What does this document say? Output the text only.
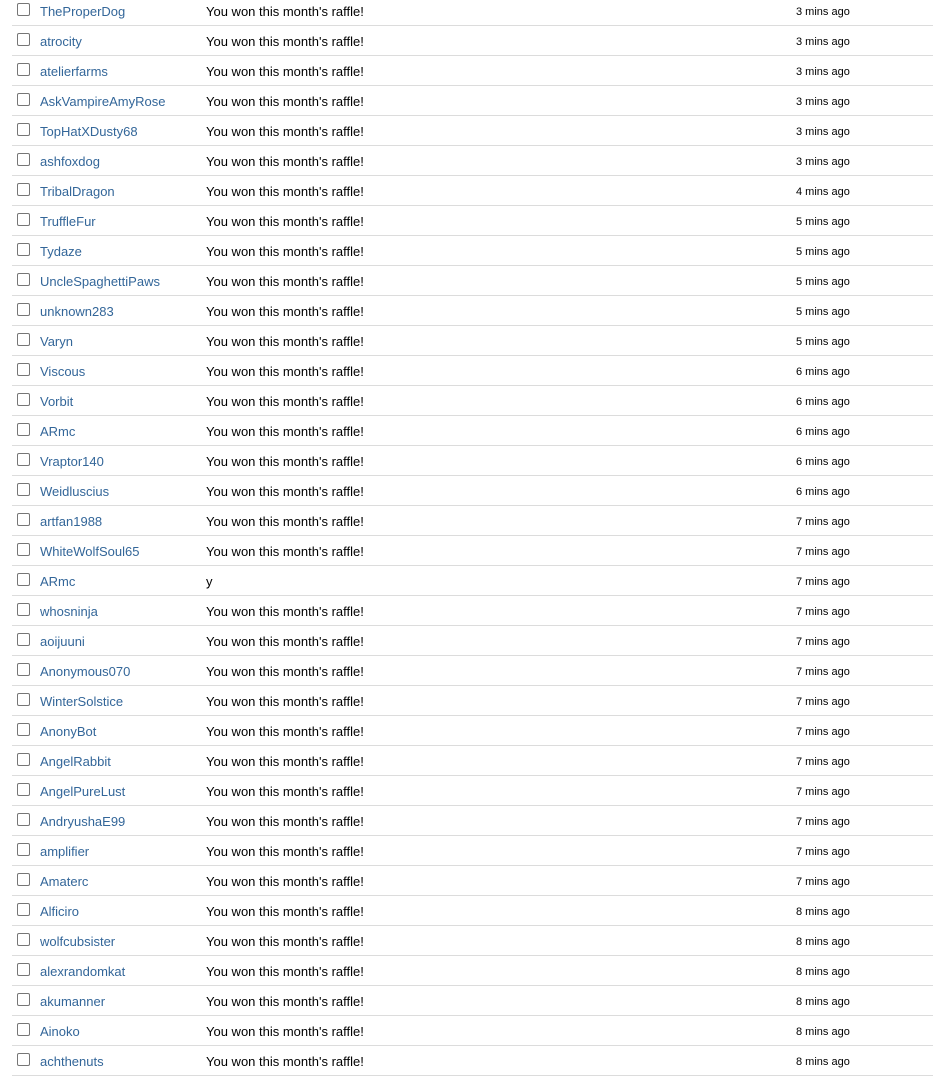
TheProperDog	You won this month's raffle!	3 mins ago
atrocity	You won this month's raffle!	3 mins ago
atelierfarms	You won this month's raffle!	3 mins ago
AskVampireAmyRose	You won this month's raffle!	3 mins ago
TopHatXDusty68	You won this month's raffle!	3 mins ago
ashfoxdog	You won this month's raffle!	3 mins ago
TribalDragon	You won this month's raffle!	4 mins ago
TruffleFur	You won this month's raffle!	5 mins ago
Tydaze	You won this month's raffle!	5 mins ago
UncleSpaghettiPaws	You won this month's raffle!	5 mins ago
unknown283	You won this month's raffle!	5 mins ago
Varyn	You won this month's raffle!	5 mins ago
Viscous	You won this month's raffle!	6 mins ago
Vorbit	You won this month's raffle!	6 mins ago
ARmc	You won this month's raffle!	6 mins ago
Vraptor140	You won this month's raffle!	6 mins ago
Weidluscius	You won this month's raffle!	6 mins ago
artfan1988	You won this month's raffle!	7 mins ago
WhiteWolfSoul65	You won this month's raffle!	7 mins ago
ARmc	y	7 mins ago
whosninja	You won this month's raffle!	7 mins ago
aoijuuni	You won this month's raffle!	7 mins ago
Anonymous070	You won this month's raffle!	7 mins ago
WinterSolstice	You won this month's raffle!	7 mins ago
AnonyBot	You won this month's raffle!	7 mins ago
AngelRabbit	You won this month's raffle!	7 mins ago
AngelPureLust	You won this month's raffle!	7 mins ago
AndryushaE99	You won this month's raffle!	7 mins ago
amplifier	You won this month's raffle!	7 mins ago
Amaterc	You won this month's raffle!	7 mins ago
Alficiro	You won this month's raffle!	8 mins ago
wolfcubsister	You won this month's raffle!	8 mins ago
alexrandomkat	You won this month's raffle!	8 mins ago
akumanner	You won this month's raffle!	8 mins ago
Ainoko	You won this month's raffle!	8 mins ago
achthenuts	You won this month's raffle!	8 mins ago
